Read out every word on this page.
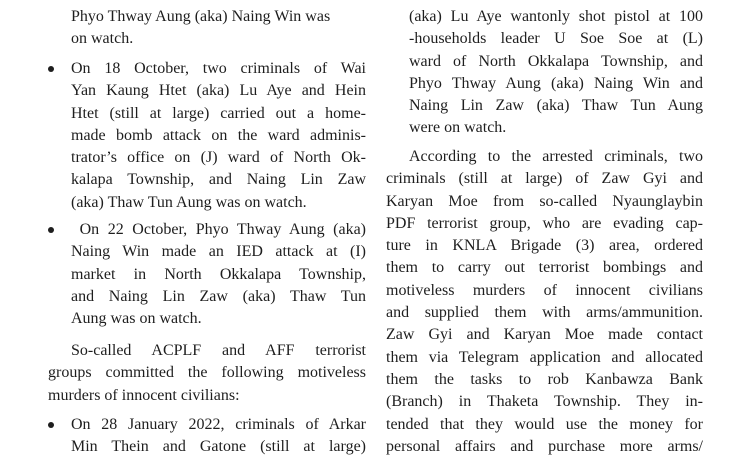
Phyo Thway Aung (aka) Naing Win was
on watch.
On 18 October, two criminals of Wai
Yan Kaung Htet (aka) Lu Aye and Hein
Htet (still at large) carried out a home-
made bomb attack on the ward adminis-
trator’s office on (J) ward of North Ok-
kalapa Township, and Naing Lin Zaw
(aka) Thaw Tun Aung was on watch.
On 22 October, Phyo Thway Aung (aka)
Naing Win made an IED attack at (I)
market in North Okkalapa Township,
and Naing Lin Zaw (aka) Thaw Tun
Aung was on watch.
So-called ACPLF and AFF terrorist
groups committed the following motiveless
murders of innocent civilians:
On 28 January 2022, criminals of Arkar
Min Thein and Gatone (still at large)
(aka) Lu Aye wantonly shot pistol at 100
-households leader U Soe Soe at (L)
ward of North Okkalapa Township, and
Phyo Thway Aung (aka) Naing Win and
Naing Lin Zaw (aka) Thaw Tun Aung
were on watch.
According to the arrested criminals, two
criminals (still at large) of Zaw Gyi and
Karyan Moe from so-called Nyaunglaybin
PDF terrorist group, who are evading cap-
ture in KNLA Brigade (3) area, ordered
them to carry out terrorist bombings and
motiveless murders of innocent civilians
and supplied them with arms/ammunition.
Zaw Gyi and Karyan Moe made contact
them via Telegram application and allocated
them the tasks to rob Kanbawza Bank
(Branch) in Thaketa Township. They in-
tended that they would use the money for
personal affairs and purchase more arms/
